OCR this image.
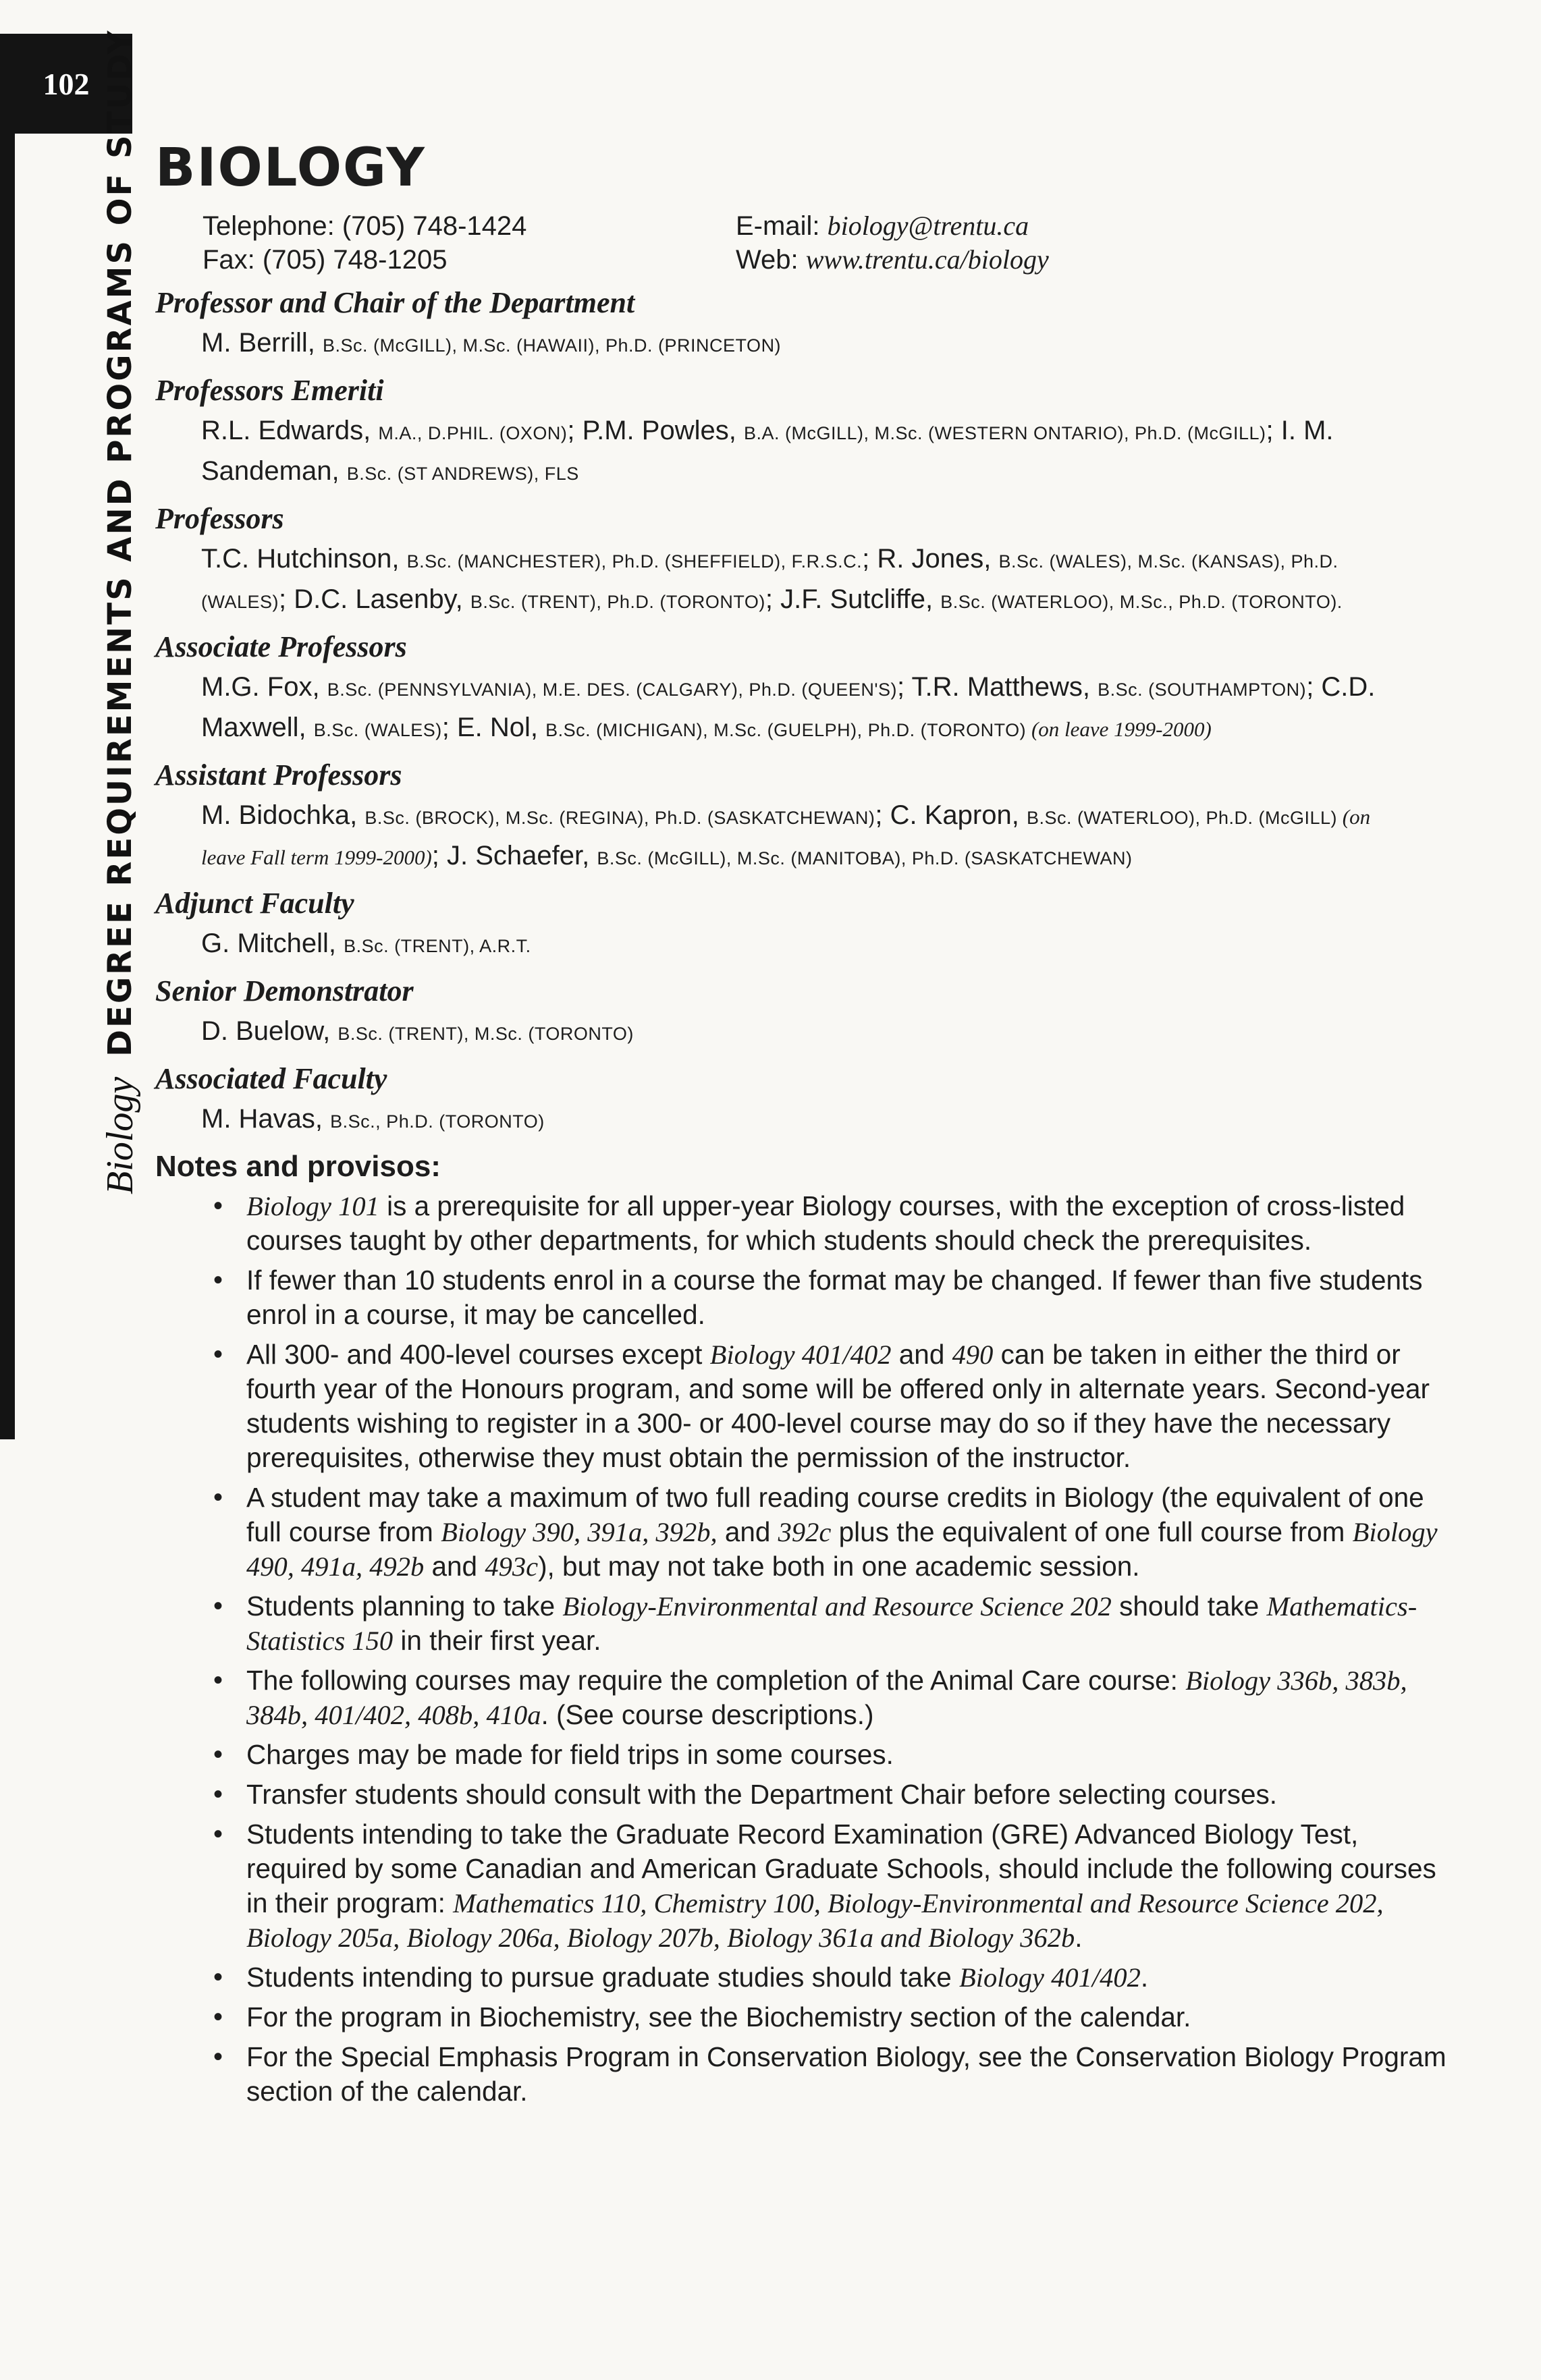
102
Biology
DEGREE REQUIREMENTS AND PROGRAMS OF STUDY BIOLOGY
Telephone: (705) 748-1424
Fax: (705) 748-1205
E-mail: biology@trentu.ca
Web: www.trentu.ca/biology
Professor and Chair of the Department
M. Berrill, B.Sc. (McGILL), M.Sc. (HAWAII), Ph.D. (PRINCETON)
Professors Emeriti
R.L. Edwards, M.A., D.PHIL. (OXON); P.M. Powles, B.A. (McGILL), M.Sc. (WESTERN ONTARIO), Ph.D. (McGILL); I. M. Sandeman, B.Sc. (ST ANDREWS), FLS
Professors
T.C. Hutchinson, B.Sc. (MANCHESTER), Ph.D. (SHEFFIELD), F.R.S.C.; R. Jones, B.Sc. (WALES), M.Sc. (KANSAS), Ph.D. (WALES); D.C. Lasenby, B.Sc. (TRENT), Ph.D. (TORONTO); J.F. Sutcliffe, B.Sc. (WATERLOO), M.Sc., Ph.D. (TORONTO).
Associate Professors
M.G. Fox, B.Sc. (PENNSYLVANIA), M.E. DES. (CALGARY), Ph.D. (QUEEN'S); T.R. Matthews, B.Sc. (SOUTHAMPTON); C.D. Maxwell, B.Sc. (WALES); E. Nol, B.Sc. (MICHIGAN), M.Sc. (GUELPH), Ph.D. (TORONTO) (on leave 1999-2000)
Assistant Professors
M. Bidochka, B.Sc. (BROCK), M.Sc. (REGINA), Ph.D. (SASKATCHEWAN); C. Kapron, B.Sc. (WATERLOO), Ph.D. (McGILL) (on leave Fall term 1999-2000); J. Schaefer, B.Sc. (McGILL), M.Sc. (MANITOBA), Ph.D. (SASKATCHEWAN)
Adjunct Faculty
G. Mitchell, B.Sc. (TRENT), A.R.T.
Senior Demonstrator
D. Buelow, B.Sc. (TRENT), M.Sc. (TORONTO)
Associated Faculty
M. Havas, B.Sc., Ph.D. (TORONTO)
Notes and provisos:
• Biology 101 is a prerequisite for all upper-year Biology courses, with the exception of cross-listed courses taught by other departments, for which students should check the prerequisites.
• If fewer than 10 students enrol in a course the format may be changed. If fewer than five students enrol in a course, it may be cancelled.
• All 300- and 400-level courses except Biology 401/402 and 490 can be taken in either the third or fourth year of the Honours program, and some will be offered only in alternate years. Second-year students wishing to register in a 300- or 400-level course may do so if they have the necessary prerequisites, otherwise they must obtain the permission of the instructor.
• A student may take a maximum of two full reading course credits in Biology (the equivalent of one full course from Biology 390, 391a, 392b, and 392c plus the equivalent of one full course from Biology 490, 491a, 492b and 493c), but may not take both in one academic session.
• Students planning to take Biology-Environmental and Resource Science 202 should take Mathematics-Statistics 150 in their first year.
• The following courses may require the completion of the Animal Care course: Biology 336b, 383b, 384b, 401/402, 408b, 410a. (See course descriptions.)
• Charges may be made for field trips in some courses.
• Transfer students should consult with the Department Chair before selecting courses.
• Students intending to take the Graduate Record Examination (GRE) Advanced Biology Test, required by some Canadian and American Graduate Schools, should include the following courses in their program: Mathematics 110, Chemistry 100, Biology-Environmental and Resource Science 202, Biology 205a, Biology 206a, Biology 207b, Biology 361a and Biology 362b.
• Students intending to pursue graduate studies should take Biology 401/402.
• For the program in Biochemistry, see the Biochemistry section of the calendar.
• For the Special Emphasis Program in Conservation Biology, see the Conservation Biology Program section of the calendar.
